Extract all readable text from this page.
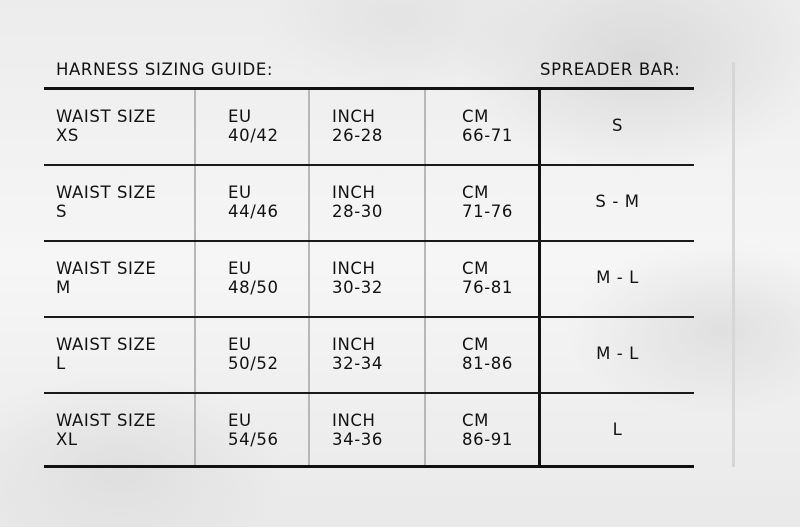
HARNESS SIZING GUIDE:	SPREADER BAR:
WAIST SIZE
XS
EU
40/42
INCH
26-28
CM
66-71
S
WAIST SIZE
S
EU
44/46
INCH
28-30
CM
71-76
S - M
WAIST SIZE
M
EU
48/50
INCH
30-32
CM
76-81
M - L
WAIST SIZE
L
EU
50/52
INCH
32-34
CM
81-86
M - L
WAIST SIZE
XL
EU
54/56
INCH
34-36
CM
86-91
L
